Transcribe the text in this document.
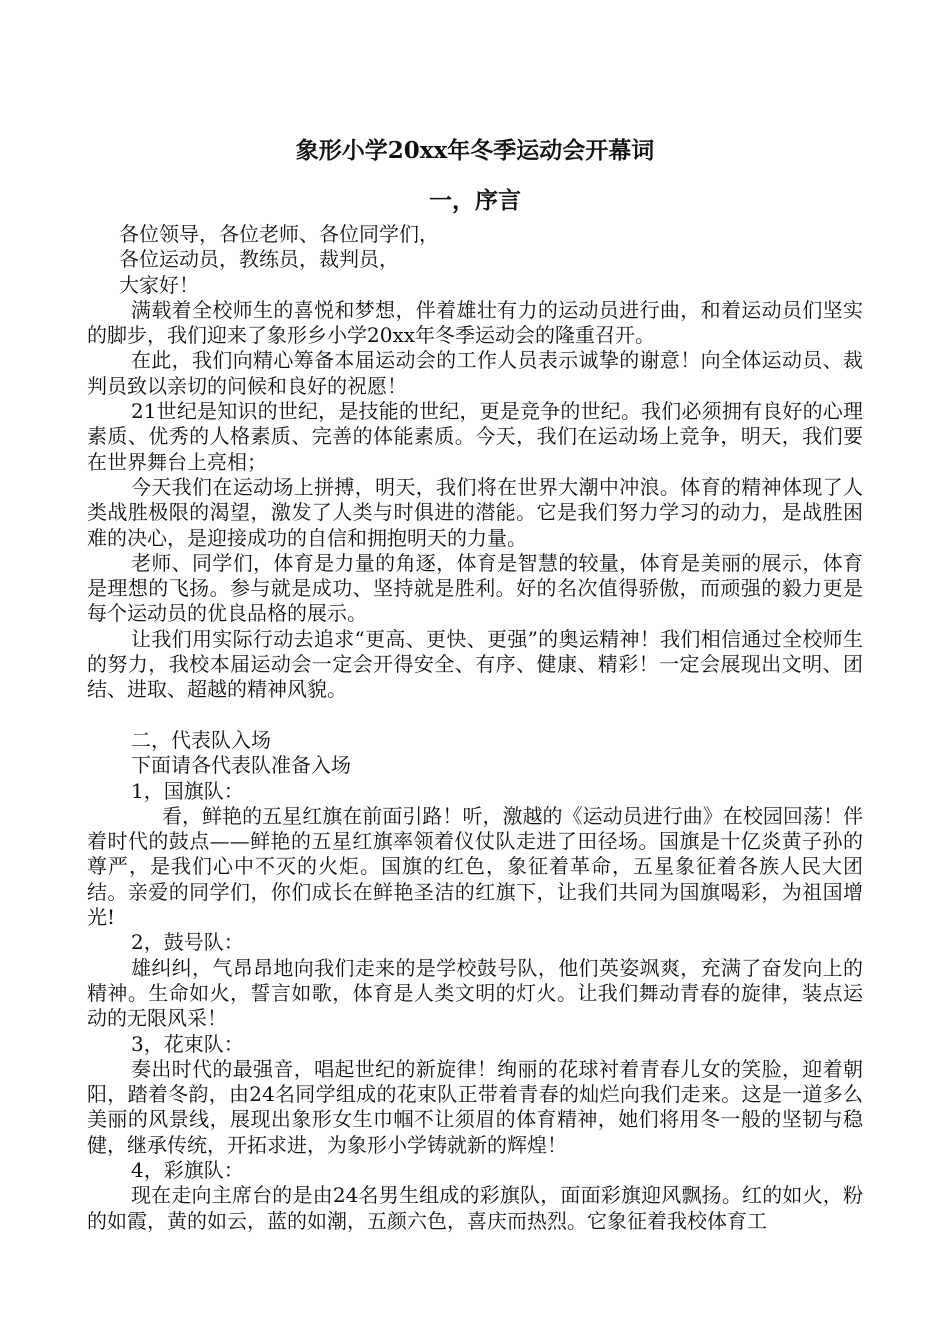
象形小学20xx年冬季运动会开幕词
一，序言

各位领导，各位老师、各位同学们，

各位运动员，教练员，裁判员，

大家好！

满载着全校师生的喜悦和梦想，伴着雄壮有力的运动员进行曲，和着运动员们坚实的脚步，我们迎来了象形乡小学20xx年冬季运动会的隆重召开。

在此，我们向精心筹备本届运动会的工作人员表示诚挚的谢意！向全体运动员、裁判员致以亲切的问候和良好的祝愿！

21世纪是知识的世纪，是技能的世纪，更是竞争的世纪。我们必须拥有良好的心理素质、优秀的人格素质、完善的体能素质。今天，我们在运动场上竞争，明天，我们要在世界舞台上亮相；

今天我们在运动场上拼搏，明天，我们将在世界大潮中冲浪。体育的精神体现了人类战胜极限的渴望，激发了人类与时俱进的潜能。它是我们努力学习的动力，是战胜困难的决心，是迎接成功的自信和拥抱明天的力量。

老师、同学们，体育是力量的角逐，体育是智慧的较量，体育是美丽的展示，体育是理想的飞扬。参与就是成功、坚持就是胜利。好的名次值得骄傲，而顽强的毅力更是每个运动员的优良品格的展示。

让我们用实际行动去追求“更高、更快、更强”的奥运精神！我们相信通过全校师生的努力，我校本届运动会一定会开得安全、有序、健康、精彩！一定会展现出文明、团结、进取、超越的精神风貌。

二，代表队入场

下面请各代表队准备入场

1，国旗队：

看，鲜艳的五星红旗在前面引路！听，激越的《运动员进行曲》在校园回荡！伴着时代的鼓点——鲜艳的五星红旗率领着仪仗队走进了田径场。国旗是十亿炎黄子孙的尊严，是我们心中不灭的火炬。国旗的红色，象征着革命，五星象征着各族人民大团结。亲爱的同学们，你们成长在鲜艳圣洁的红旗下，让我们共同为国旗喝彩，为祖国增光!

2，鼓号队：

雄纠纠，气昂昂地向我们走来的是学校鼓号队，他们英姿飒爽，充满了奋发向上的精神。生命如火，誓言如歌，体育是人类文明的灯火。让我们舞动青春的旋律，装点运动的无限风采！

3，花束队：

奏出时代的最强音，唱起世纪的新旋律！绚丽的花球衬着青春儿女的笑脸，迎着朝阳，踏着冬韵，由24名同学组成的花束队正带着青春的灿烂向我们走来。这是一道多么美丽的风景线，展现出象形女生巾帼不让须眉的体育精神，她们将用冬一般的坚韧与稳健，继承传统，开拓求进，为象形小学铸就新的辉煌！

4，彩旗队：

现在走向主席台的是由24名男生组成的彩旗队，面面彩旗迎风飘扬。红的如火，粉的如霞，黄的如云，蓝的如潮，五颜六色，喜庆而热烈。它象征着我校体育工
